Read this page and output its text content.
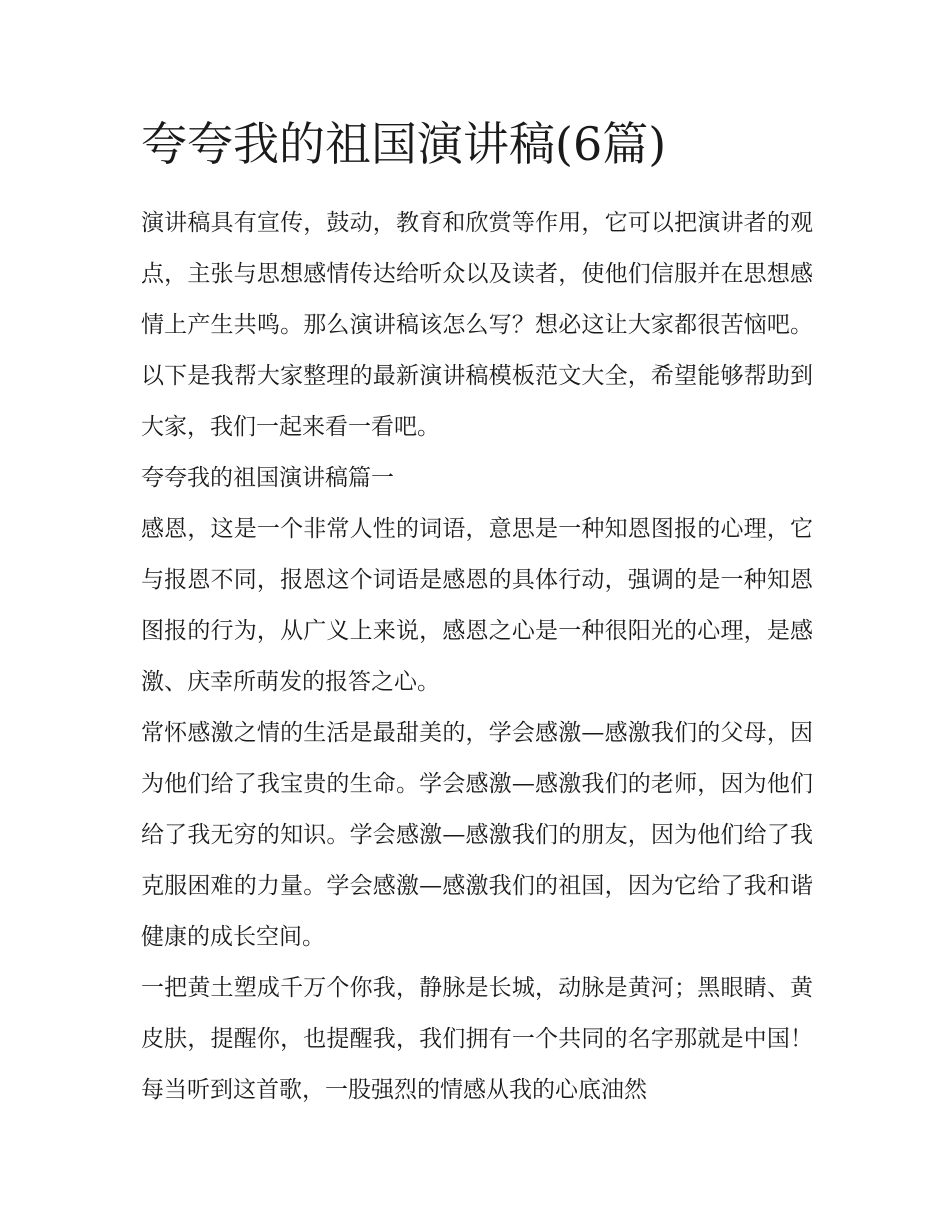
夸夸我的祖国演讲稿(6篇)

演讲稿具有宣传，鼓动，教育和欣赏等作用，它可以把演讲者的观点，主张与思想感情传达给听众以及读者，使他们信服并在思想感情上产生共鸣。那么演讲稿该怎么写？想必这让大家都很苦恼吧。以下是我帮大家整理的最新演讲稿模板范文大全，希望能够帮助到大家，我们一起来看一看吧。

夸夸我的祖国演讲稿篇一

感恩，这是一个非常人性的词语，意思是一种知恩图报的心理，它与报恩不同，报恩这个词语是感恩的具体行动，强调的是一种知恩图报的行为，从广义上来说，感恩之心是一种很阳光的心理，是感激、庆幸所萌发的报答之心。

常怀感激之情的生活是最甜美的，学会感激—感激我们的父母，因为他们给了我宝贵的生命。学会感激—感激我们的老师，因为他们给了我无穷的知识。学会感激—感激我们的朋友，因为他们给了我克服困难的力量。学会感激—感激我们的祖国，因为它给了我和谐健康的成长空间。

一把黄土塑成千万个你我，静脉是长城，动脉是黄河；黑眼睛、黄皮肤，提醒你，也提醒我，我们拥有一个共同的名字那就是中国！每当听到这首歌，一股强烈的情感从我的心底油然
